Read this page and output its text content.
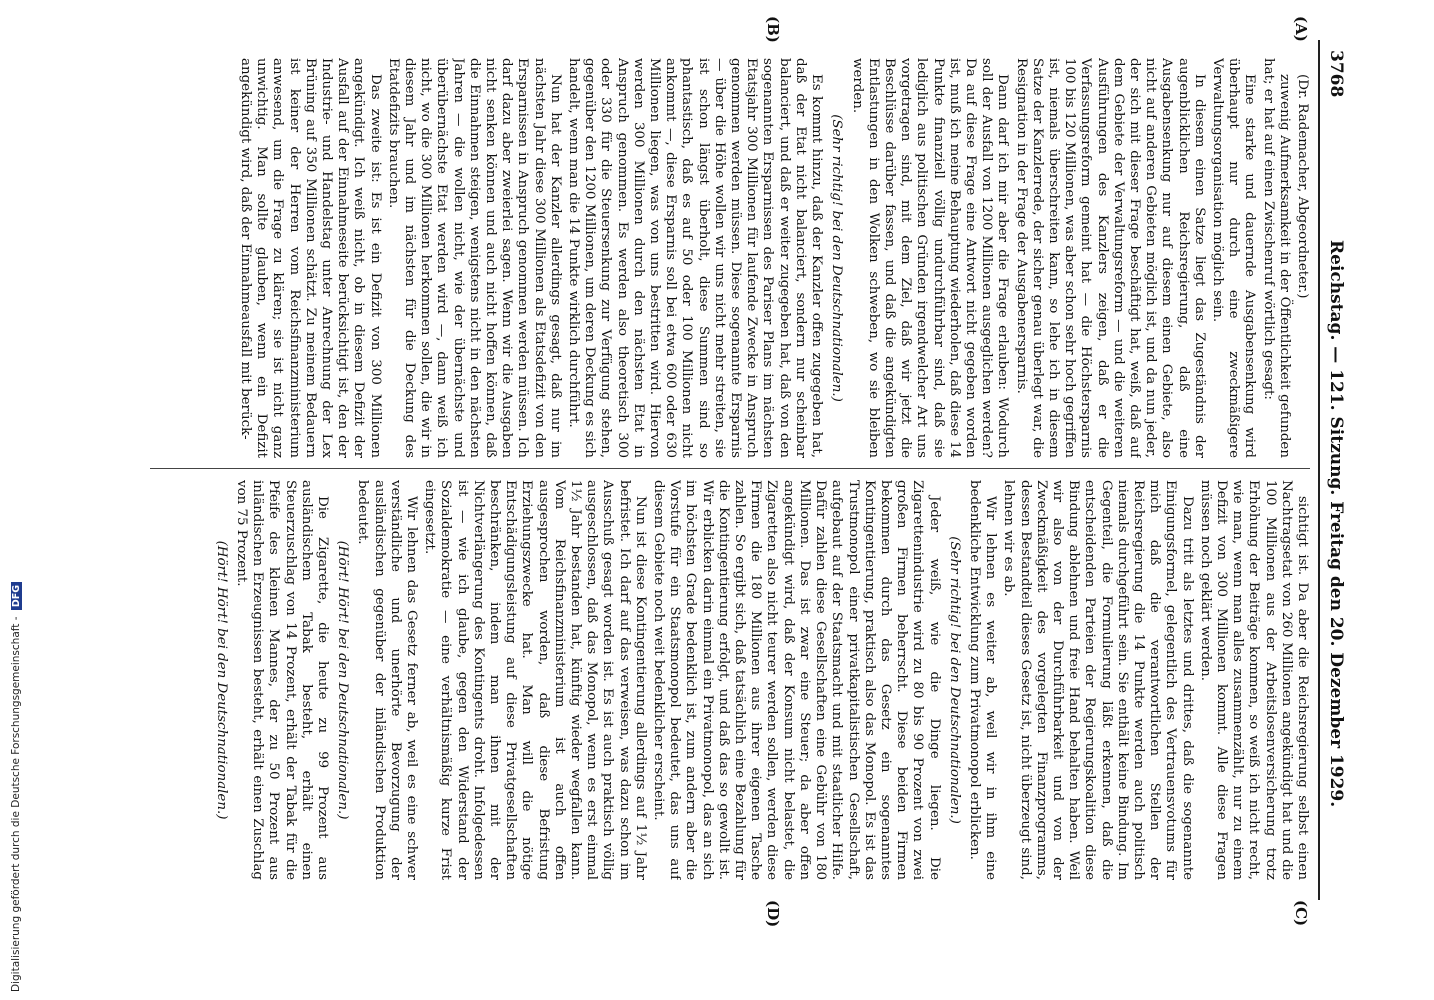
3768
Reichstag. — 121. Sitzung. Freitag den 20. Dezember 1929.
(A)
(B)
(C)
(D)

(Dr. Rademacher, Abgeordneter.)

zuwenig Aufmerksamkeit in der Öffentlichkeit gefunden hat; er hat auf einen Zwischenruf wörtlich gesagt:

Eine starke und dauernde Ausgabensenkung wird überhaupt nur durch eine zweckmäßigere Verwaltungsorganisation möglich sein.

In diesem einen Satze liegt das Zugeständnis der augenblicklichen Reichsregierung, daß eine Ausgabensenkung nur auf diesem einen Gebiete, also nicht auf anderen Gebieten möglich ist, und da nun jeder, der sich mit dieser Frage beschäftigt hat, weiß, daß auf dem Gebiete der Verwaltungsreform — und die weiteren Ausführungen des Kanzlers zeigen, daß er die Verfassungsreform gemeint hat — die Höchstersparnis 100 bis 120 Millionen, was aber schon sehr hoch gegriffen ist, niemals überschreiten kann, so lehe ich in diesem Satze der Kanzlerrede, der sicher genau überlegt war, die Resignation in der Frage der Ausgabenersparnis.

Dann darf ich mir aber die Frage erlauben: Wodurch soll der Ausfall von 1200 Millionen ausgeglichen werden? Da auf diese Frage eine Antwort nicht gegeben worden ist, muß ich meine Behauptung wiederholen, daß diese 14 Punkte finanziell völlig undurchführbar sind, daß sie lediglich aus politischen Gründen irgendwelcher Art uns vorgetragen sind, mit dem Ziel, daß wir jetzt die Beschlüsse darüber fassen, und daß die angekündigten Entlastungen in den Wolken schweben, wo sie bleiben werden.

(Sehr richtig! bei den Deutschnationalen.)

Es kommt hinzu, daß der Kanzler offen zugegeben hat, daß der Etat nicht balanciert, sondern nur scheinbar balanciert, und daß er weiter zugegeben hat, daß von den sogenannten Ersparnissen des Pariser Plans im nächsten Etatsjahr 300 Millionen für laufende Zwecke in Anspruch genommen werden müssen. Diese sogenannte Ersparnis — über die Höhe wollen wir uns nicht mehr streiten, sie ist schon längst überholt, diese Summen sind so phantastisch, daß es auf 50 oder 100 Millionen nicht ankommt —, diese Ersparnis soll bei etwa 600 oder 630 Millionen liegen, was von uns bestritten wird. Hiervon werden 300 Millionen durch den nächsten Etat in Anspruch genommen. Es werden also theoretisch 300 oder 330 für die Steuersenkung zur Verfügung stehen, gegenüber den 1200 Millionen, um deren Deckung es sich handelt, wenn man die 14 Punkte wirklich durchführt.

Nun hat der Kanzler allerdings gesagt, daß nur im nächsten Jahr diese 300 Millionen als Etatsdefizit von den Ersparnissen in Anspruch genommen werden müssen. Ich darf dazu aber zweierlei sagen. Wenn wir die Ausgaben nicht senken können und auch nicht hoffen können, daß die Einnahmen steigen, wenigstens nicht in den nächsten Jahren — die wollen nicht, wie der übernächste und überübernächste Etat werden wird —, dann weiß ich nicht, wo die 300 Millionen herkommen sollen, die wir in diesem Jahr und im nächsten für die Deckung des Etatdefizits brauchen.

Das zweite ist: Es ist ein Defizit von 300 Millionen angekündigt. Ich weiß nicht, ob in diesem Defizit der Ausfall auf der Einnahmeseite berücksichtigt ist, den der Industrie- und Handelstag unter Anrechnung der Lex Brüning auf 350 Millionen schätzt. Zu meinem Bedauern ist keiner der Herren vom Reichsfinanzministerium anwesend, um die Frage zu klären; sie ist nicht ganz unwichtig. Man sollte glauben, wenn ein Defizit angekündigt wird, daß der Einnahmeausfall mit berück-

sichtigt ist. Da aber die Reichsregierung selbst einen Nachtragsetat von 260 Millionen angekündigt hat und die 100 Millionen aus der Arbeitslosenversicherung trotz Erhöhung der Beiträge kommen, so weiß ich nicht recht, wie man, wenn man alles zusammenzählt, nur zu einem Defizit von 300 Millionen kommt. Alle diese Fragen müssen noch geklärt werden.

Dazu tritt als letztes und drittes, daß die sogenannte Einigungsformel, gelegentlich des Vertrauensvotums für mich daß die verantwortlichen Stellen der Reichsregierung die 14 Punkte werden auch politisch niemals durchgeführt sein. Sie enthält keine Bindung. Im Gegenteil, die Formulierung läßt erkennen, daß die entscheidenden Parteien der Regierungskoalition diese Bindung ablehnen und freie Hand behalten haben. Weil wir also von der Durchführbarkeit und von der Zweckmäßigkeit des vorgelegten Finanzprogramms, dessen Bestandteil dieses Gesetz ist, nicht überzeugt sind, lehnen wir es ab.

Wir lehnen es weiter ab, weil wir in ihm eine bedenkliche Entwicklung zum Privatmonopol erblicken.

(Sehr richtig! bei den Deutschnationalen.)

Jeder weiß, wie die Dinge liegen. Die Zigarettenindustrie wird zu 80 bis 90 Prozent von zwei großen Firmen beherrscht. Diese beiden Firmen bekommen durch das Gesetz ein sogenanntes Kontingentierung, praktisch also das Monopol. Es ist das Trustmonopol einer privatkapitalistischen Gesellschaft, aufgebaut auf der Staatsmacht und mit staatlicher Hilfe. Dafür zahlen diese Gesellschaften eine Gebühr von 180 Millionen. Das ist zwar eine Steuer; da aber offen angekündigt wird, daß der Konsum nicht belastet, die Zigaretten also nicht teurer werden sollen, werden diese Firmen die 180 Millionen aus ihrer eigenen Tasche zahlen. So ergibt sich, daß tatsächlich eine Bezahlung für die Kontingentierung erfolgt, und daß das so gewollt ist. Wir erblicken darin einmal ein Privatmonopol, das an sich im höchsten Grade bedenklich ist, zum andern aber die Vorstufe für ein Staatsmonopol bedeutet, das uns auf diesem Gebiete noch weit bedenklicher erscheint.

Nun ist diese Kontingentierung allerdings auf 1½ Jahr befristet. Ich darf auf das verweisen, was dazu schon im Ausschuß gesagt worden ist. Es ist auch praktisch völlig ausgeschlossen, daß das Monopol, wenn es erst einmal 1½ Jahr bestanden hat, künftig wieder wegfallen kann. Vom Reichsfinanzministerium ist auch offen ausgesprochen worden, daß diese Befristung Erziehungszwecke hat. Man will die nötige Entschädigungsleistung auf diese Privatgesellschaften beschränken, indem man ihnen mit der Nichtverlängerung des Kontingents droht. Infolgedessen ist — wie ich glaube, gegen den Widerstand der Sozialdemokratie — eine verhältnismäßig kurze Frist eingesetzt.

Wir lehnen das Gesetz ferner ab, weil es eine schwer verständliche und unerhörte Bevorzugung der ausländischen gegenüber der inländischen Produktion bedeutet.

(Hört! Hört! bei den Deutschnationalen.)

Die Zigarette, die heute zu 99 Prozent aus ausländischem Tabak besteht, erhält einen Steuerzuschlag von 14 Prozent, erhält der Tabak für die Pfeife des kleinen Mannes, der zu 50 Prozent aus inländischen Erzeugnissen besteht, erhält einen Zuschlag von 75 Prozent.

(Hört! Hört! bei den Deutschnationalen.)

Digitalisierung gefördert durch die Deutsche Forschungsgemeinschaft - DFG
